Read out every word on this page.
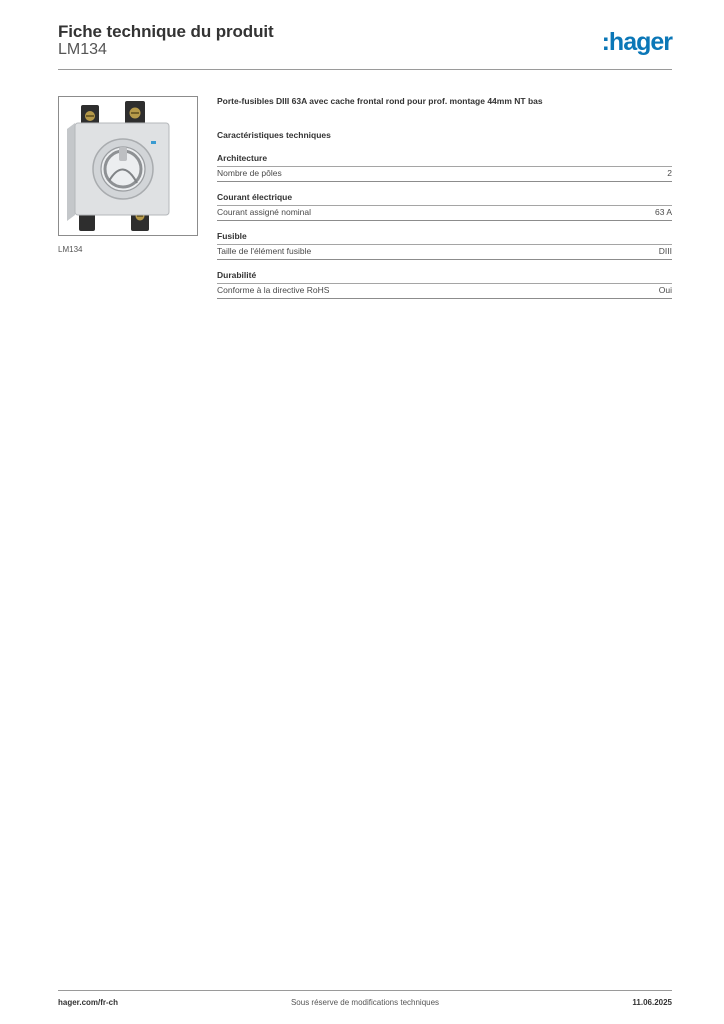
Fiche technique du produit
LM134	:hager
LM134
Porte-fusibles DIII 63A avec cache frontal rond pour prof. montage 44mm NT bas
Caractéristiques techniques
Architecture
Nombre de pôles	2
Courant électrique
Courant assigné nominal	63 A
Fusible
Taille de l'élément fusible	DIII
Durabilité
Conforme à la directive RoHS	Oui
hager.com/fr-ch	Sous réserve de modifications techniques	11.06.2025
